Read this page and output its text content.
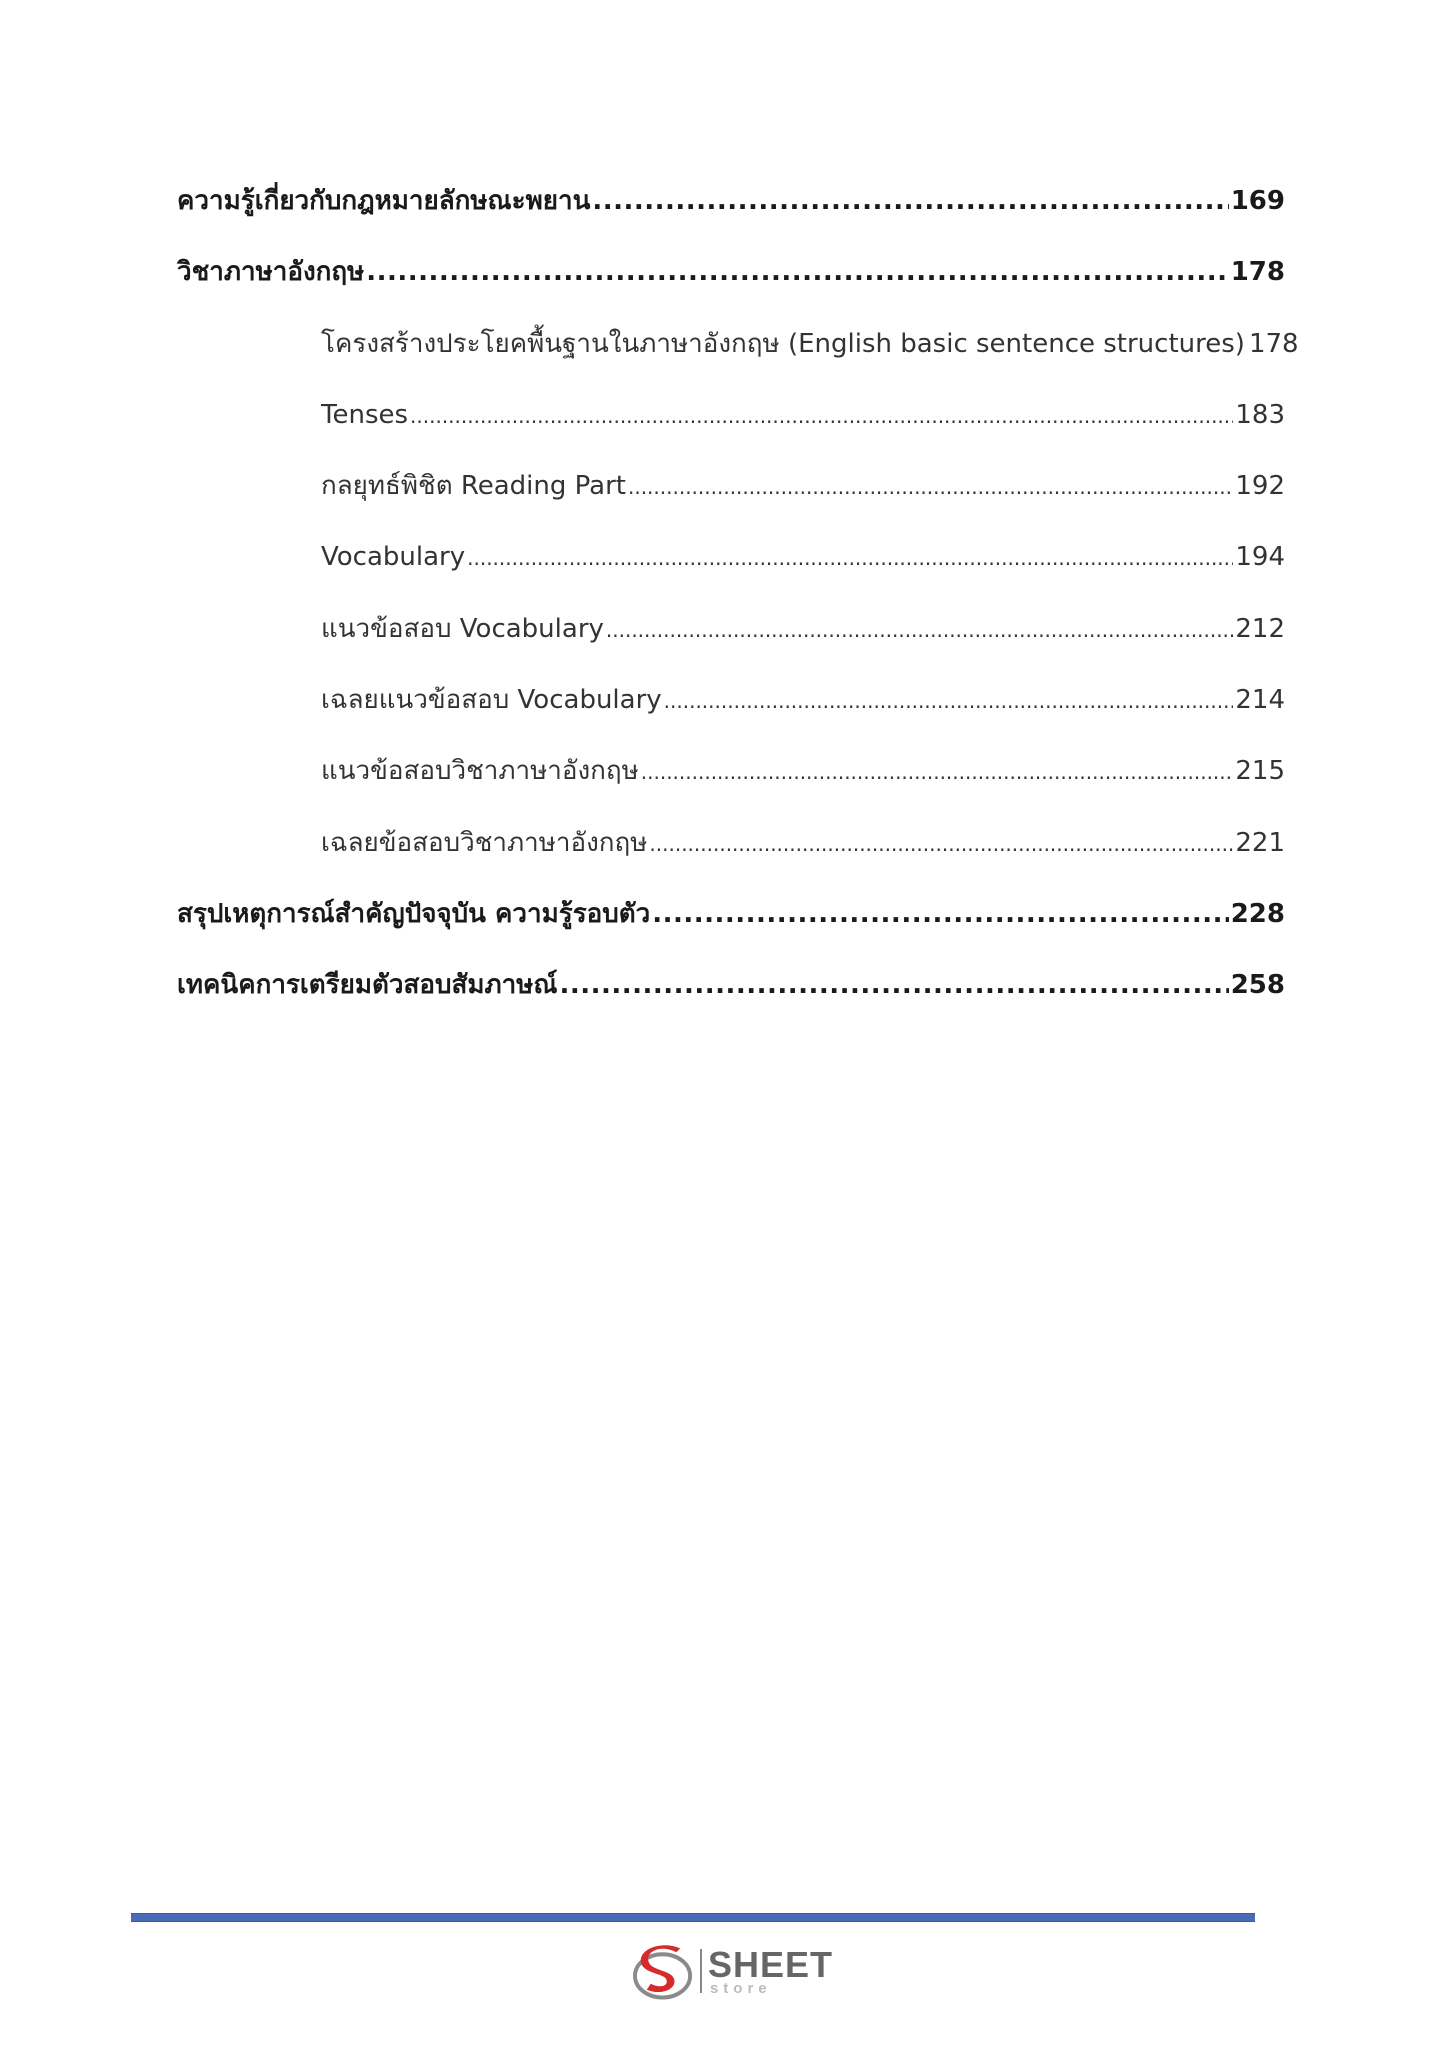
ความรู้เกี่ยวกับกฎหมายลักษณะพยาน .....	169
วิชาภาษาอังกฤษ .....	178
โครงสร้างประโยคพื้นฐานในภาษาอังกฤษ (English basic sentence structures) 178
Tenses .....	183
กลยุทธ์พิชิต Reading Part .....	192
Vocabulary .....	194
แนวข้อสอบ Vocabulary .....	212
เฉลยแนวข้อสอบ Vocabulary .....	214
แนวข้อสอบวิชาภาษาอังกฤษ .....	215
เฉลยข้อสอบวิชาภาษาอังกฤษ .....	221
สรุปเหตุการณ์สำคัญปัจจุบัน ความรู้รอบตัว .....	228
เทคนิคการเตรียมตัวสอบสัมภาษณ์ .....	258
SHEET
store
